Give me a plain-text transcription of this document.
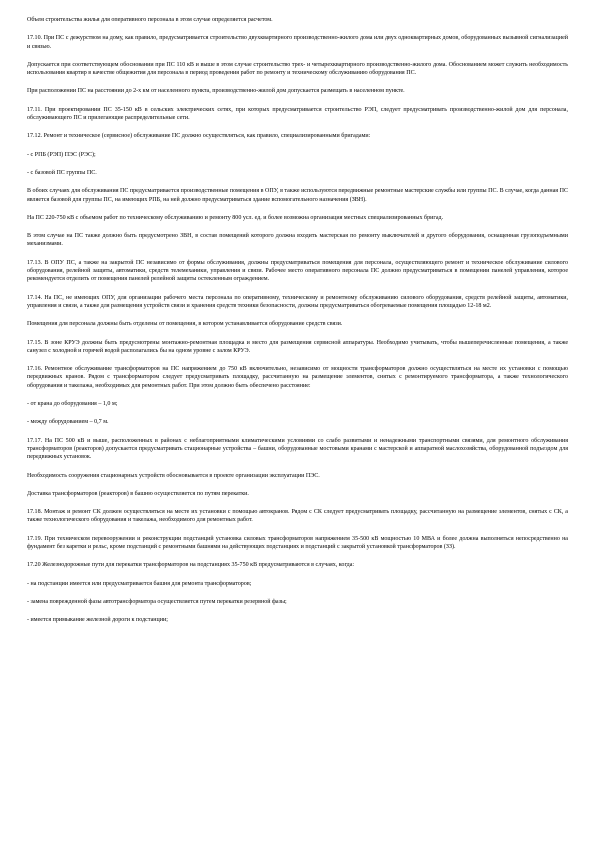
Объем строительства жилья для оперативного персонала в этом случае определяется расчетом.

17.10. При ПС с дежурством на дому, как правило, предусматривается строительство двухквартирного производственно-жилого дома или двух одноквартирных домов, оборудованных вызывной сигнализацией и связью.

Допускается при соответствующем обосновании при ПС 110 кВ и выше в этом случае строительство трех- и четырехквартирного производственно-жилого дома. Обоснованием может служить необходимость использования квартир в качестве общежития для персонала в период проведения работ по ремонту и техническому обслуживанию оборудования ПС.

При расположении ПС на расстоянии до 2-х км от населенного пункта, производственно-жилой дом допускается размещать в населенном пункте.

17.11. При проектировании ПС 35-150 кВ в сельских электрических сетях, при которых предусматривается строительство РЭП, следует предусматривать производственно-жилой дом для персонала, обслуживающего ПС и прилегающие распределительные сети.

17.12. Ремонт и техническое (сервисное) обслуживание ПС должно осуществляться, как правило, специализированными бригадами:

- с РПБ (РЭП) ПЭС (РЭС);

- с базовой ПС группы ПС.

В обоих случаях для обслуживания ПС предусматривается производственные помещения в ОПУ, в также используются передвижные ремонтные мастерские службы или группы ПС. В случае, когда данная ПС является базовой для группы ПС, на имеющих РПБ, на ней должно предусматриваться здание вспомогательного назначения (ЗВН).

На ПС 220-750 кВ с объемом работ по техническому обслуживанию и ремонту 800 усл. ед. и более возможна организация местных специализированных бригад.

В этом случае на ПС также должно быть предусмотрено ЗВН, в состав помещений которого должна входить мастерская по ремонту выключателей и другого оборудования, оснащенная грузоподъемными механизмами.

17.13. В ОПУ ПС, а также на закрытой ПС независимо от формы обслуживания, должны предусматриваться помещения для персонала, осуществляющего ремонт и техническое обслуживание силового оборудования, релейной защиты, автоматики, средств телемеханики, управления и связи. Рабочее место оперативного персонала ПС должно предусматриваться в помещении панелей управления, которое рекомендуется отделить от помещения панелей релейной защиты остекленным ограждением.

17.14. На ПС, не имеющих ОПУ, для организации рабочего места персонала по оперативному, техническому и ремонтному обслуживанию силового оборудования, средств релейной защиты, автоматики, управления и связи, а также для размещения устройств связи и хранения средств техники безопасности, должны предусматриваться обогреваемые помещения площадью 12-18 м2.

Помещения для персонала должны быть отделены от помещения, в котором устанавливается оборудование средств связи.

17.15. В зоне КРУЭ должны быть предусмотрены монтажно-ремонтная площадка и место для размещения сервисной аппаратуры. Необходимо учитывать, чтобы вышеперечисленные помещения, а также санузел с холодной и горячей водой располагались бы на одном уровне с залом КРУЭ.

17.16. Ремонтное обслуживание трансформаторов на ПС напряжением до 750 кВ включительно, независимо от мощности трансформаторов должно осуществляться на месте их установки с помощью передвижных кранов. Рядом с трансформатором следует предусматривать площадку, рассчитанную на размещение элементов, снятых с ремонтируемого трансформатора, а также технологического оборудования и такелажа, необходимых для ремонтных работ. При этом должно быть обеспечено расстояние:

- от крана до оборудования – 1,0 м;

- между оборудованием – 0,7 м.

17.17. На ПС 500 кВ и выше, расположенных в районах с неблагоприятными климатическими условиями со слабо развитыми и ненадежными транспортными связями, для ремонтного обслуживания трансформаторов (реакторов) допускается предусматривать стационарные устройства – башни, оборудованные мостовыми кранами с мастерской и аппаратной маслохозяйства, оборудованной подъездом для передвижных установок.

Необходимость сооружения стационарных устройств обосновывается в проекте организации эксплуатации ПЭС.

Доставка трансформаторов (реакторов) в башню осуществляется по путям перекатки.

17.18. Монтаж и ремонт СК должен осуществляться на месте их установки с помощью автокранов. Рядом с СК следует предусматривать площадку, рассчитанную на размещение элементов, снятых с СК, а также технологического оборудования и такелажа, необходимого для ремонтных работ.

17.19. При техническом перевооружении и реконструкции подстанций установка силовых трансформаторов напряжением 35-500 кВ мощностью 10 МВА и более должна выполняться непосредственно на фундамент без каретки и рельс, кроме подстанций с ремонтными башнями на действующих подстанциях и подстанций с закрытой установкой трансформаторов (ЗЗ).

17.20 Железнодорожные пути для перекатки трансформаторов на подстанциях 35-750 кВ предусматриваются в случаях, когда:

- на подстанции имеется или предусматривается башня для ремонта трансформаторов;

- замена поврежденной фазы автотрансформатора осуществляется путем перекатки резервной фазы;

- имеется примыкание железной дороги к подстанции;
